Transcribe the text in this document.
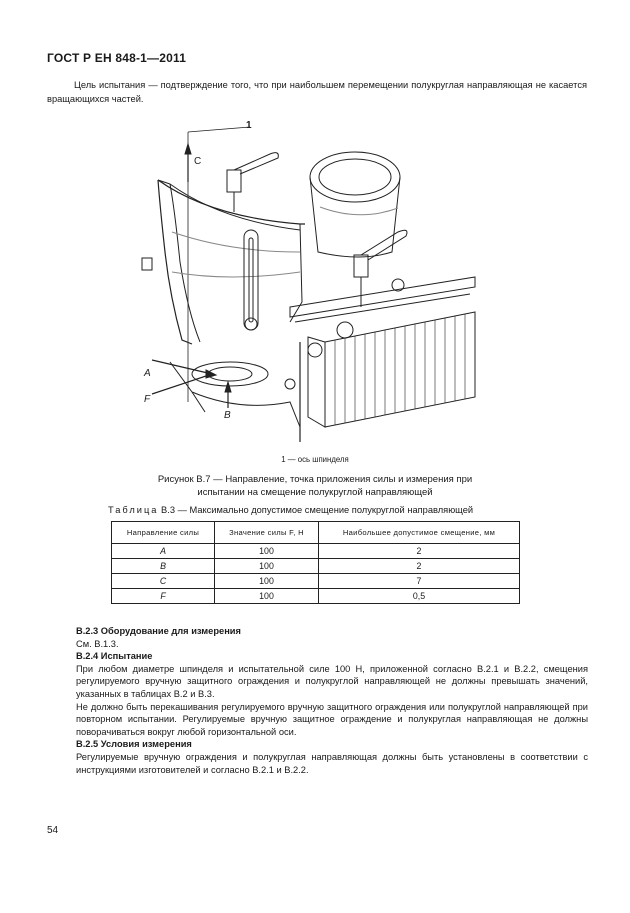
ГОСТ Р ЕН 848-1—2011
Цель испытания — подтверждение того, что при наибольшем перемещении полукруглая направляющая не касается вращающихся частей.
1
С
A
F
B
1 — ось шпинделя
Рисунок В.7 — Направление, точка приложения силы и измерения при
испытании на смещение полукруглой направляющей
Таблица В.3 — Максимально допустимое смещение полукруглой направляющей
Направление силы	Значение силы F, Н	Наибольшее допустимое смещение, мм
А	100	2
В	100	2
С	100	7
F	100	0,5

В.2.3 Оборудование для измерения

См. В.1.3.

В.2.4 Испытание

При любом диаметре шпинделя и испытательной силе 100 Н, приложенной согласно В.2.1 и В.2.2, смещения регулируемого вручную защитного ограждения и полукруглой направляющей не должны превышать значений, указанных в таблицах В.2 и В.3.

Не должно быть перекашивания регулируемого вручную защитного ограждения или полукруглой направляющей при повторном испытании. Регулируемые вручную защитное ограждение и полукруглая направляющая не должны поворачиваться вокруг любой горизонтальной оси.

В.2.5 Условия измерения

Регулируемые вручную ограждения и полукруглая направляющая должны быть установлены в соответствии с инструкциями изготовителей и согласно В.2.1 и В.2.2.

54
